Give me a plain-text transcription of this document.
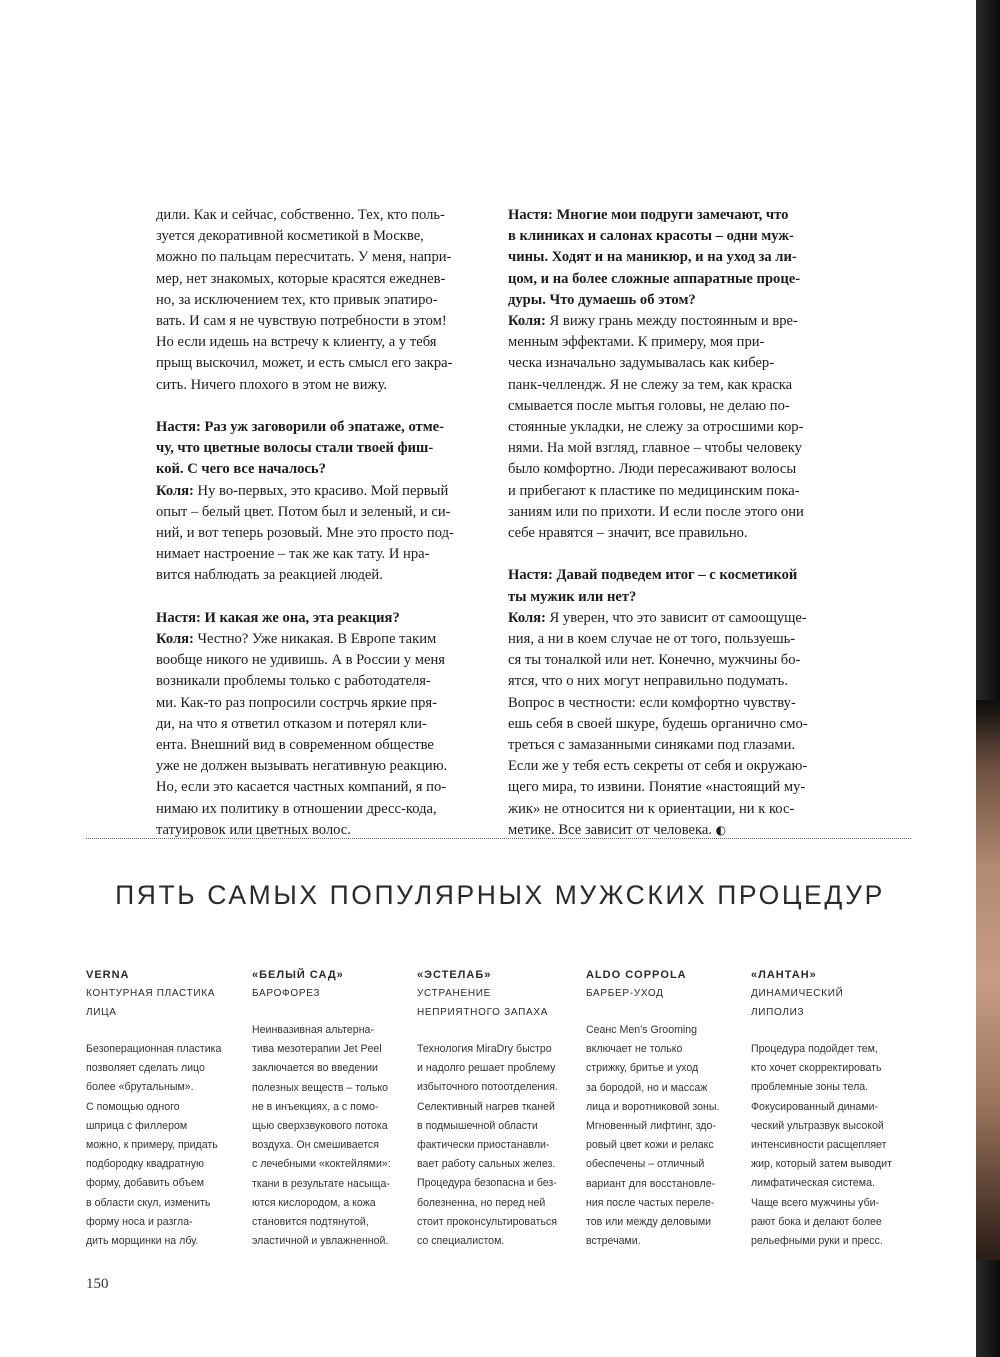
дили. Как и сейчас, собственно. Тех, кто поль-
зуется декоративной косметикой в Москве,
можно по пальцам пересчитать. У меня, напри-
мер, нет знакомых, которые красятся ежеднев-
но, за исключением тех, кто привык эпатиро-
вать. И сам я не чувствую потребности в этом!
Но если идешь на встречу к клиенту, а у тебя
прыщ выскочил, может, и есть смысл его закра-
сить. Ничего плохого в этом не вижу.
Настя: Раз уж заговорили об эпатаже, отме-
чу, что цветные волосы стали твоей фиш-
кой. С чего все началось?
Коля: Ну во-первых, это красиво. Мой первый
опыт – белый цвет. Потом был и зеленый, и си-
ний, и вот теперь розовый. Мне это просто под-
нимает настроение – так же как тату. И нра-
вится наблюдать за реакцией людей.
Настя: И какая же она, эта реакция?
Коля: Честно? Уже никакая. В Европе таким
вообще никого не удивишь. А в России у меня
возникали проблемы только с работодателя-
ми. Как-то раз попросили сострчь яркие пря-
ди, на что я ответил отказом и потерял кли-
ента. Внешний вид в современном обществе
уже не должен вызывать негативную реакцию.
Но, если это касается частных компаний, я по-
нимаю их политику в отношении дресс-кода,
татуировок или цветных волос.
Настя: Многие мои подруги замечают, что
в клиниках и салонах красоты – одни муж-
чины. Ходят и на маникюр, и на уход за ли-
цом, и на более сложные аппаратные проце-
дуры. Что думаешь об этом?
Коля: Я вижу грань между постоянным и вре-
менным эффектами. К примеру, моя при-
ческа изначально задумывалась как кибер-
панк-челлендж. Я не слежу за тем, как краска
смывается после мытья головы, не делаю по-
стоянные укладки, не слежу за отросшими кор-
нями. На мой взгляд, главное – чтобы человеку
было комфортно. Люди пересаживают волосы
и прибегают к пластике по медицинским пока-
заниям или по прихоти. И если после этого они
себе нравятся – значит, все правильно.
Настя: Давай подведем итог – с косметикой
ты мужик или нет?
Коля: Я уверен, что это зависит от самоощуще-
ния, а ни в коем случае не от того, пользуешь-
ся ты тоналкой или нет. Конечно, мужчины бо-
ятся, что о них могут неправильно подумать.
Вопрос в честности: если комфортно чувству-
ешь себя в своей шкуре, будешь органично смо-
треться с замазанными синяками под глазами.
Если же у тебя есть секреты от себя и окружаю-
щего мира, то извини. Понятие «настоящий му-
жик» не относится ни к ориентации, ни к кос-
метике. Все зависит от человека. ◐
ПЯТЬ САМЫХ ПОПУЛЯРНЫХ МУЖСКИХ ПРОЦЕДУР
VERNA
КОНТУРНАЯ ПЛАСТИКА
ЛИЦА
Безоперационная пластика
позволяет сделать лицо
более «брутальным».
С помощью одного
шприца с филлером
можно, к примеру, придать
подбородку квадратную
форму, добавить объем
в области скул, изменить
форму носа и разгла-
дить морщинки на лбу.
«БЕЛЫЙ САД»
БАРОФОРЕЗ
Неинвазивная альтерна-
тива мезотерапии Jet Peel
заключается во введении
полезных веществ – только
не в инъекциях, а с помо-
щью сверхзвукового потока
воздуха. Он смешивается
с лечебными «коктейлями»:
ткани в результате насыща-
ются кислородом, а кожа
становится подтянутой,
эластичной и увлажненной.
«ЭСТЕЛАБ»
УСТРАНЕНИЕ
НЕПРИЯТНОГО ЗАПАХА
Технология MiraDry быстро
и надолго решает проблему
избыточного потоотделения.
Селективный нагрев тканей
в подмышечной области
фактически приостанавли-
вает работу сальных желез.
Процедура безопасна и без-
болезненна, но перед ней
стоит проконсультироваться
со специалистом.
ALDO COPPOLA
БАРБЕР-УХОД
Сеанс Men’s Grooming
включает не только
стрижку, бритье и уход
за бородой, но и массаж
лица и воротниковой зоны.
Мгновенный лифтинг, здо-
ровый цвет кожи и релакс
обеспечены – отличный
вариант для восстановле-
ния после частых переле-
тов или между деловыми
встречами.
«ЛАНТАН»
ДИНАМИЧЕСКИЙ
ЛИПОЛИЗ
Процедура подойдет тем,
кто хочет скорректировать
проблемные зоны тела.
Фокусированный динами-
ческий ультразвук высокой
интенсивности расщепляет
жир, который затем выводит
лимфатическая система.
Чаще всего мужчины уби-
рают бока и делают более
рельефными руки и пресс.
150
